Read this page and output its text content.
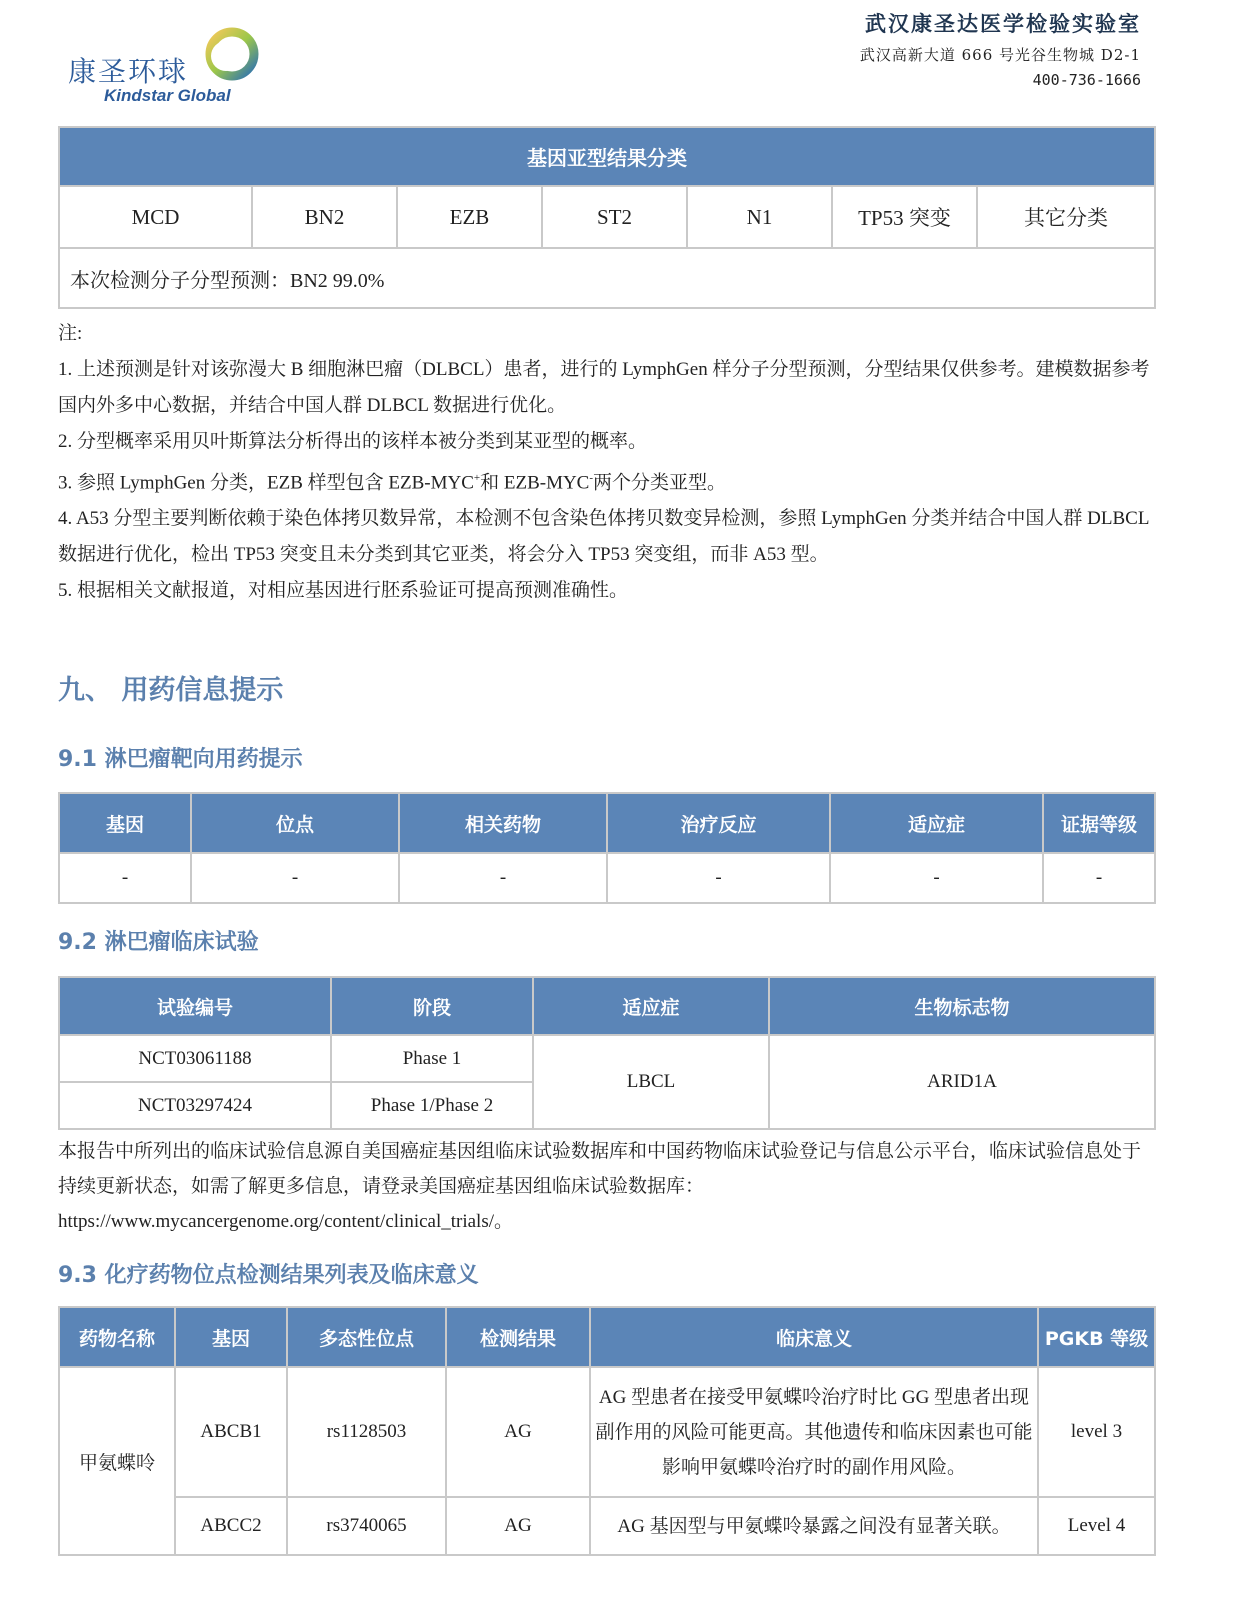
康圣环球
Kindstar Global
武汉康圣达医学检验实验室
武汉高新大道 666 号光谷生物城 D2-1
400-736-1666
基因亚型结果分类
MCD	BN2	EZB	ST2	N1	TP53 突变	其它分类
本次检测分子分型预测：BN2 99.0%

注:

1. 上述预测是针对该弥漫大 B 细胞淋巴瘤（DLBCL）患者，进行的 LymphGen 样分子分型预测，分型结果仅供参考。建模数据参考国内外多中心数据，并结合中国人群 DLBCL 数据进行优化。

2. 分型概率采用贝叶斯算法分析得出的该样本被分类到某亚型的概率。

3. 参照 LymphGen 分类，EZB 样型包含 EZB-MYC+和 EZB-MYC-两个分类亚型。

4. A53 分型主要判断依赖于染色体拷贝数异常，本检测不包含染色体拷贝数变异检测，参照 LymphGen 分类并结合中国人群 DLBCL 数据进行优化，检出 TP53 突变且未分类到其它亚类，将会分入 TP53 突变组，而非 A53 型。

5. 根据相关文献报道，对相应基因进行胚系验证可提高预测准确性。

九、 用药信息提示
9.1 淋巴瘤靶向用药提示
基因	位点	相关药物	治疗反应	适应症	证据等级
-	-	-	-	-	-
9.2 淋巴瘤临床试验
试验编号	阶段	适应症	生物标志物
NCT03061188	Phase 1	LBCL	ARID1A
NCT03297424	Phase 1/Phase 2		
本报告中所列出的临床试验信息源自美国癌症基因组临床试验数据库和中国药物临床试验登记与信息公示平台，临床试验信息处于持续更新状态，如需了解更多信息，请登录美国癌症基因组临床试验数据库：
https://www.mycancergenome.org/content/clinical_trials/。
9.3 化疗药物位点检测结果列表及临床意义
药物名称	基因	多态性位点	检测结果	临床意义	PGKB 等级
甲氨蝶呤	ABCB1	rs1128503	AG	AG 型患者在接受甲氨蝶呤治疗时比 GG 型患者出现副作用的风险可能更高。其他遗传和临床因素也可能影响甲氨蝶呤治疗时的副作用风险。	level 3
	ABCC2	rs3740065	AG	AG 基因型与甲氨蝶呤暴露之间没有显著关联。	Level 4
